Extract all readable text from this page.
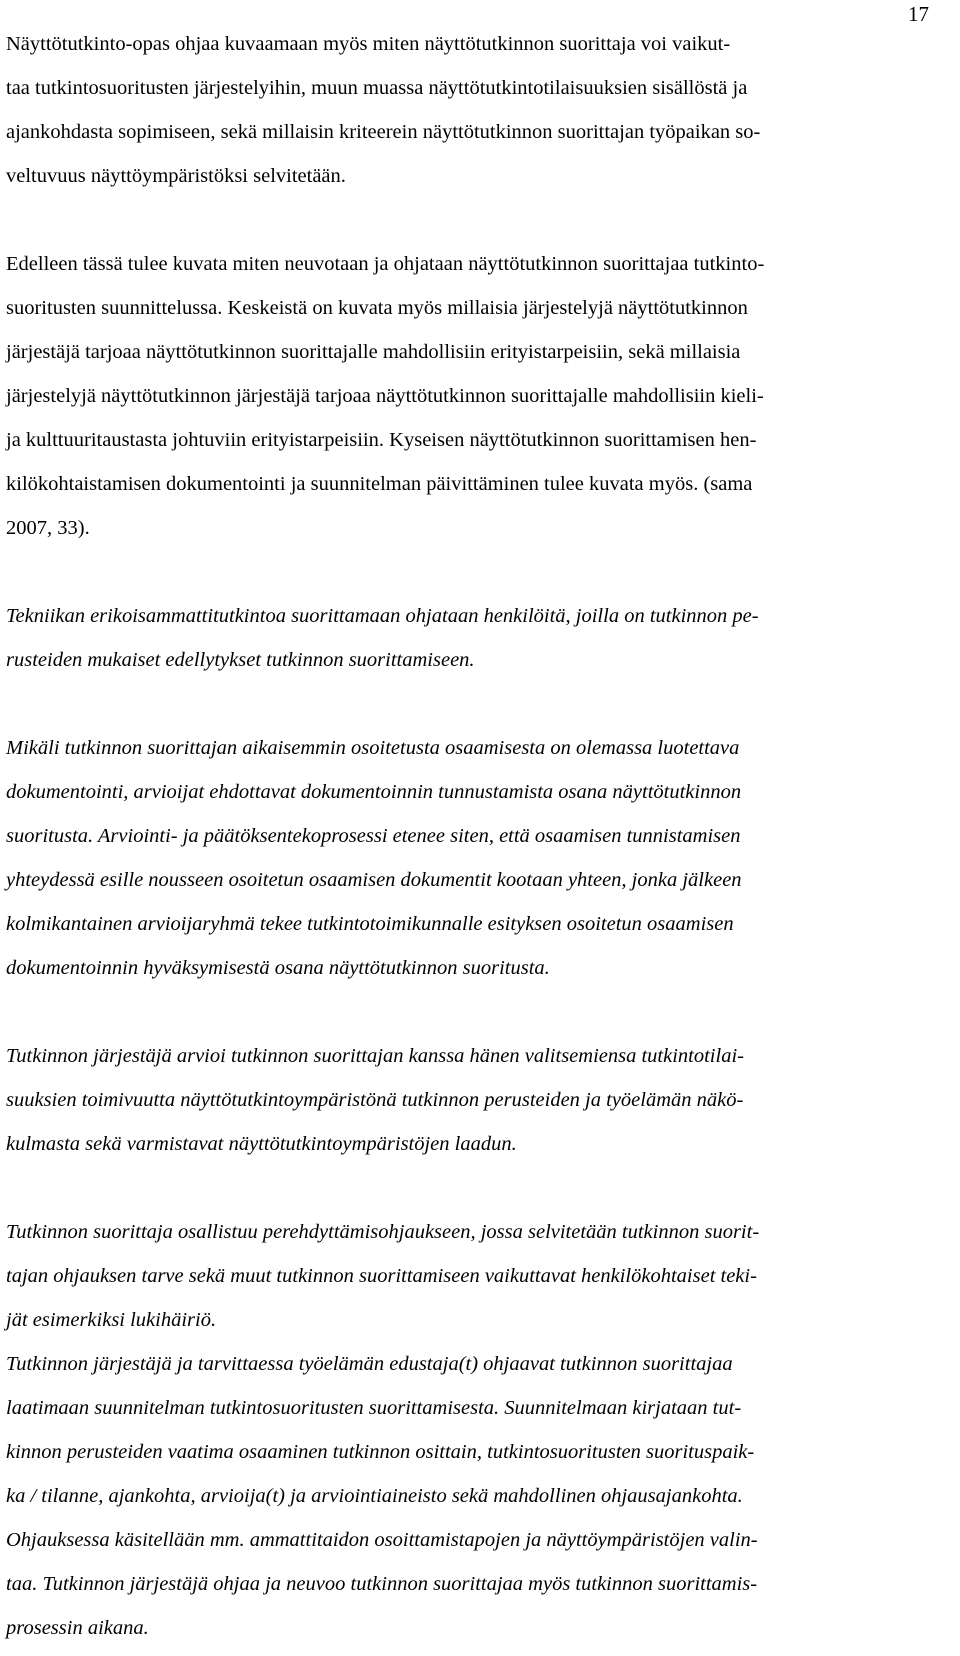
17

Näyttötutkinto-opas ohjaa kuvaamaan myös miten näyttötutkinnon suorittaja voi vaikut-
taa tutkintosuoritusten järjestelyihin, muun muassa näyttötutkintotilaisuuksien sisällöstä ja
ajankohdasta sopimiseen, sekä millaisin kriteerein näyttötutkinnon suorittajan työpaikan so-
veltuvuus näyttöympäristöksi selvitetään.

Edelleen tässä tulee kuvata miten neuvotaan ja ohjataan näyttötutkinnon suorittajaa tutkinto-
suoritusten suunnittelussa. Keskeistä on kuvata myös millaisia järjestelyjä näyttötutkinnon
järjestäjä tarjoaa näyttötutkinnon suorittajalle mahdollisiin erityistarpeisiin, sekä millaisia
järjestelyjä näyttötutkinnon järjestäjä tarjoaa näyttötutkinnon suorittajalle mahdollisiin kieli-
ja kulttuuritaustasta johtuviin erityistarpeisiin. Kyseisen näyttötutkinnon suorittamisen hen-
kilökohtaistamisen dokumentointi ja suunnitelman päivittäminen tulee kuvata myös. (sama
2007, 33).

Tekniikan erikoisammattitutkintoa suorittamaan ohjataan henkilöitä, joilla on tutkinnon pe-
rusteiden mukaiset edellytykset tutkinnon suorittamiseen.

Mikäli tutkinnon suorittajan aikaisemmin osoitetusta osaamisesta on olemassa luotettava
dokumentointi, arvioijat ehdottavat dokumentoinnin tunnustamista osana näyttötutkinnon
suoritusta. Arviointi- ja päätöksentekoprosessi etenee siten, että osaamisen tunnistamisen
yhteydessä esille nousseen osoitetun osaamisen dokumentit kootaan yhteen, jonka jälkeen
kolmikantainen arvioijaryhmä tekee tutkintotoimikunnalle esityksen osoitetun osaamisen
dokumentoinnin hyväksymisestä osana näyttötutkinnon suoritusta.

Tutkinnon järjestäjä arvioi tutkinnon suorittajan kanssa hänen valitsemiensa tutkintotilai-
suuksien toimivuutta näyttötutkintoympäristönä tutkinnon perusteiden ja työelämän näkö-
kulmasta sekä varmistavat näyttötutkintoympäristöjen laadun.

Tutkinnon suorittaja osallistuu perehdyttämisohjaukseen, jossa selvitetään tutkinnon suorit-
tajan ohjauksen tarve sekä muut tutkinnon suorittamiseen vaikuttavat henkilökohtaiset teki-
jät esimerkiksi lukihäiriö.

Tutkinnon järjestäjä ja tarvittaessa työelämän edustaja(t) ohjaavat tutkinnon suorittajaa
laatimaan suunnitelman tutkintosuoritusten suorittamisesta. Suunnitelmaan kirjataan tut-
kinnon perusteiden vaatima osaaminen tutkinnon osittain, tutkintosuoritusten suorituspaik-
ka / tilanne, ajankohta, arvioija(t) ja arviointiaineisto sekä mahdollinen ohjausajankohta.
Ohjauksessa käsitellään mm. ammattitaidon osoittamistapojen ja näyttöympäristöjen valin-
taa. Tutkinnon järjestäjä ohjaa ja neuvoo tutkinnon suorittajaa myös tutkinnon suorittamis-
prosessin aikana.
